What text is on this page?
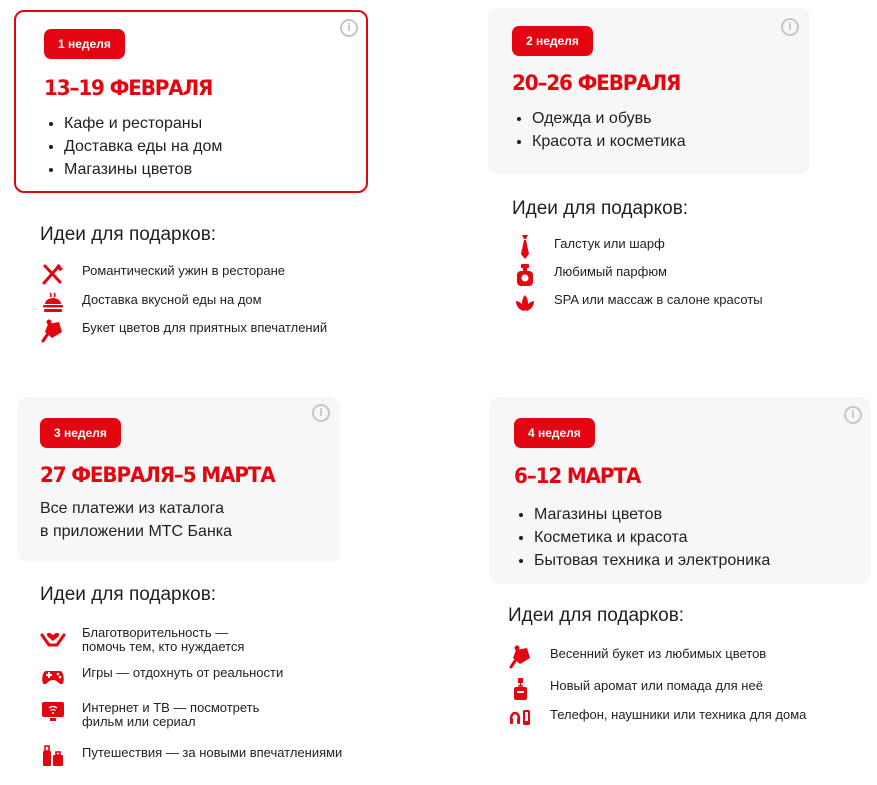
1 неделя
i
13–19 ФЕВРАЛЯ
• Кафе и рестораны
• Доставка еды на дом
• Магазины цветов
Идеи для подарков:
Романтический ужин в ресторане
Доставка вкусной еды на дом
Букет цветов для приятных впечатлений
2 неделя
i
20–26 ФЕВРАЛЯ
• Одежда и обувь
• Красота и косметика
Идеи для подарков:
Галстук или шарф
Любимый парфюм
SPA или массаж в салоне красоты
3 неделя
i
27 ФЕВРАЛЯ–5 МАРТА
Все платежи из каталога
в приложении МТС Банка
Идеи для подарков:
Благотворительность —
помочь тем, кто нуждается
Игры — отдохнуть от реальности
Интернет и ТВ — посмотреть
фильм или сериал
Путешествия — за новыми впечатлениями
4 неделя
i
6–12 МАРТА
• Магазины цветов
• Косметика и красота
• Бытовая техника и электроника
Идеи для подарков:
Весенний букет из любимых цветов
Новый аромат или помада для неё
Телефон, наушники или техника для дома
